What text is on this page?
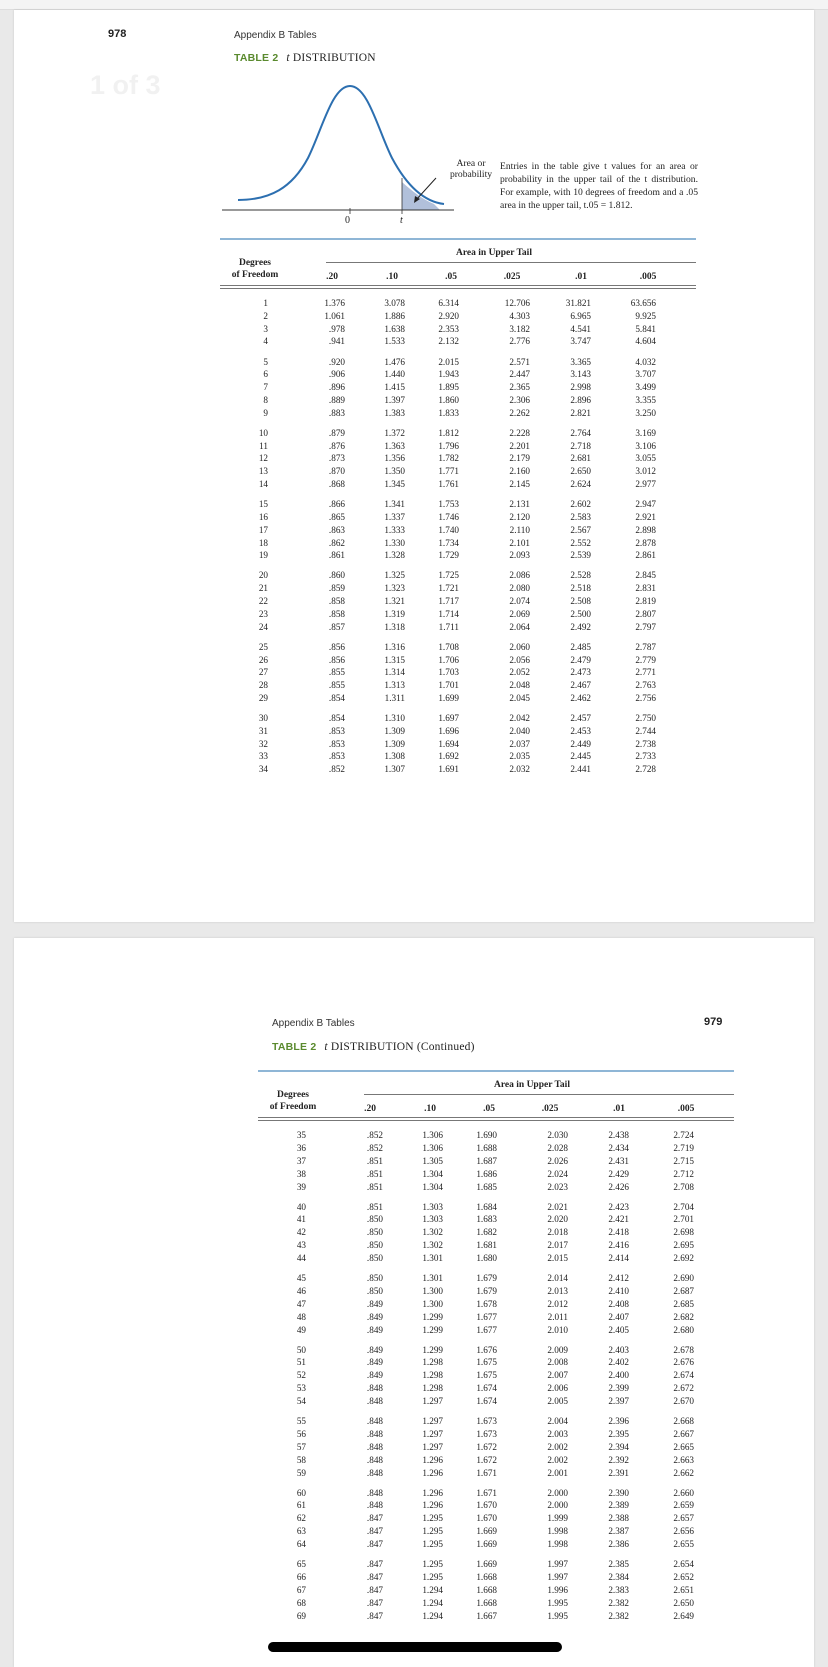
978	Appendix B Tables
TABLE 2 t DISTRIBUTION
1 of 3
Area or probability
0	t
Entries in the table give t values for an area or probability in the upper tail of the t distribution. For example, with 10 degrees of freedom and a .05 area in the upper tail, t.05 = 1.812.
Area in Upper Tail
Degrees
of Freedom	.20	.10	.05	.025	.01	.005
1	1.376	3.078	6.314	12.706	31.821	63.656
2	1.061	1.886	2.920	4.303	6.965	9.925
3	.978	1.638	2.353	3.182	4.541	5.841
4	.941	1.533	2.132	2.776	3.747	4.604
5	.920	1.476	2.015	2.571	3.365	4.032
6	.906	1.440	1.943	2.447	3.143	3.707
7	.896	1.415	1.895	2.365	2.998	3.499
8	.889	1.397	1.860	2.306	2.896	3.355
9	.883	1.383	1.833	2.262	2.821	3.250
10	.879	1.372	1.812	2.228	2.764	3.169
11	.876	1.363	1.796	2.201	2.718	3.106
12	.873	1.356	1.782	2.179	2.681	3.055
13	.870	1.350	1.771	2.160	2.650	3.012
14	.868	1.345	1.761	2.145	2.624	2.977
15	.866	1.341	1.753	2.131	2.602	2.947
16	.865	1.337	1.746	2.120	2.583	2.921
17	.863	1.333	1.740	2.110	2.567	2.898
18	.862	1.330	1.734	2.101	2.552	2.878
19	.861	1.328	1.729	2.093	2.539	2.861
20	.860	1.325	1.725	2.086	2.528	2.845
21	.859	1.323	1.721	2.080	2.518	2.831
22	.858	1.321	1.717	2.074	2.508	2.819
23	.858	1.319	1.714	2.069	2.500	2.807
24	.857	1.318	1.711	2.064	2.492	2.797
25	.856	1.316	1.708	2.060	2.485	2.787
26	.856	1.315	1.706	2.056	2.479	2.779
27	.855	1.314	1.703	2.052	2.473	2.771
28	.855	1.313	1.701	2.048	2.467	2.763
29	.854	1.311	1.699	2.045	2.462	2.756
30	.854	1.310	1.697	2.042	2.457	2.750
31	.853	1.309	1.696	2.040	2.453	2.744
32	.853	1.309	1.694	2.037	2.449	2.738
33	.853	1.308	1.692	2.035	2.445	2.733
34	.852	1.307	1.691	2.032	2.441	2.728
Appendix B Tables	979
TABLE 2 t DISTRIBUTION (Continued)
Area in Upper Tail
Degrees
of Freedom	.20	.10	.05	.025	.01	.005
35	.852	1.306	1.690	2.030	2.438	2.724
36	.852	1.306	1.688	2.028	2.434	2.719
37	.851	1.305	1.687	2.026	2.431	2.715
38	.851	1.304	1.686	2.024	2.429	2.712
39	.851	1.304	1.685	2.023	2.426	2.708
40	.851	1.303	1.684	2.021	2.423	2.704
41	.850	1.303	1.683	2.020	2.421	2.701
42	.850	1.302	1.682	2.018	2.418	2.698
43	.850	1.302	1.681	2.017	2.416	2.695
44	.850	1.301	1.680	2.015	2.414	2.692
45	.850	1.301	1.679	2.014	2.412	2.690
46	.850	1.300	1.679	2.013	2.410	2.687
47	.849	1.300	1.678	2.012	2.408	2.685
48	.849	1.299	1.677	2.011	2.407	2.682
49	.849	1.299	1.677	2.010	2.405	2.680
50	.849	1.299	1.676	2.009	2.403	2.678
51	.849	1.298	1.675	2.008	2.402	2.676
52	.849	1.298	1.675	2.007	2.400	2.674
53	.848	1.298	1.674	2.006	2.399	2.672
54	.848	1.297	1.674	2.005	2.397	2.670
55	.848	1.297	1.673	2.004	2.396	2.668
56	.848	1.297	1.673	2.003	2.395	2.667
57	.848	1.297	1.672	2.002	2.394	2.665
58	.848	1.296	1.672	2.002	2.392	2.663
59	.848	1.296	1.671	2.001	2.391	2.662
60	.848	1.296	1.671	2.000	2.390	2.660
61	.848	1.296	1.670	2.000	2.389	2.659
62	.847	1.295	1.670	1.999	2.388	2.657
63	.847	1.295	1.669	1.998	2.387	2.656
64	.847	1.295	1.669	1.998	2.386	2.655
65	.847	1.295	1.669	1.997	2.385	2.654
66	.847	1.295	1.668	1.997	2.384	2.652
67	.847	1.294	1.668	1.996	2.383	2.651
68	.847	1.294	1.668	1.995	2.382	2.650
69	.847	1.294	1.667	1.995	2.382	2.649
